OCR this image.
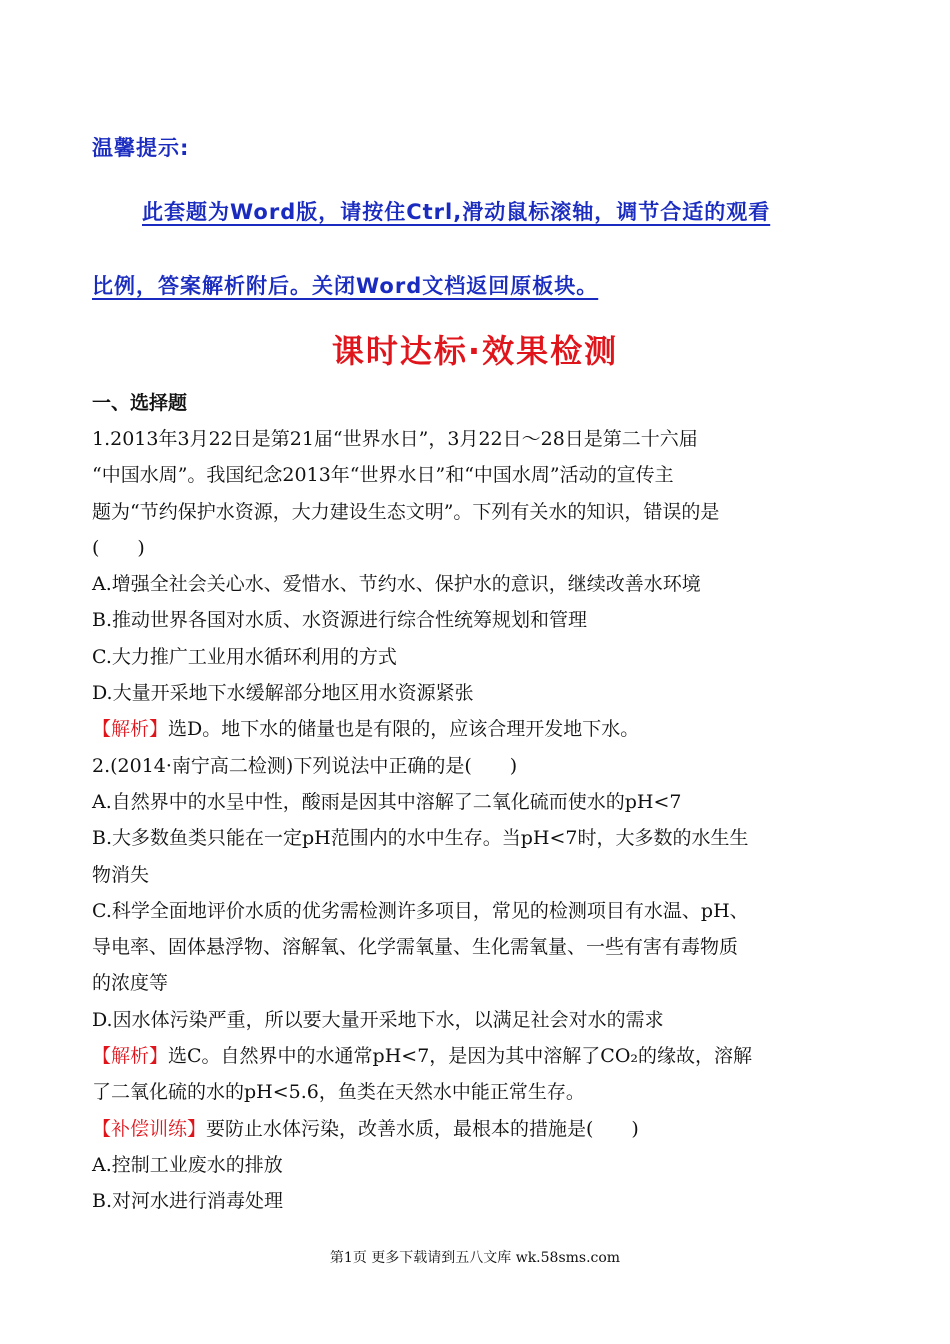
温馨提示:
此套题为Word版，请按住Ctrl,滑动鼠标滚轴，调节合适的观看
比例，答案解析附后。关闭Word文档返回原板块。
课时达标·效果检测
一、选择题
1.2013年3月22日是第21届“世界水日”，3月22日～28日是第二十六届
“中国水周”。我国纪念2013年“世界水日”和“中国水周”活动的宣传主
题为“节约保护水资源，大力建设生态文明”。下列有关水的知识，错误的是
(　　)
A.增强全社会关心水、爱惜水、节约水、保护水的意识，继续改善水环境
B.推动世界各国对水质、水资源进行综合性统筹规划和管理
C.大力推广工业用水循环利用的方式
D.大量开采地下水缓解部分地区用水资源紧张
【解析】选D。地下水的储量也是有限的，应该合理开发地下水。
2.(2014·南宁高二检测)下列说法中正确的是(　　)
A.自然界中的水呈中性，酸雨是因其中溶解了二氧化硫而使水的pH<7
B.大多数鱼类只能在一定pH范围内的水中生存。当pH<7时，大多数的水生生
物消失
C.科学全面地评价水质的优劣需检测许多项目，常见的检测项目有水温、pH、
导电率、固体悬浮物、溶解氧、化学需氧量、生化需氧量、一些有害有毒物质
的浓度等
D.因水体污染严重，所以要大量开采地下水，以满足社会对水的需求
【解析】选C。自然界中的水通常pH<7，是因为其中溶解了CO₂的缘故，溶解
了二氧化硫的水的pH<5.6，鱼类在天然水中能正常生存。
【补偿训练】要防止水体污染，改善水质，最根本的措施是(　　)
A.控制工业废水的排放
B.对河水进行消毒处理
第1页 更多下载请到五八文库 wk.58sms.com
